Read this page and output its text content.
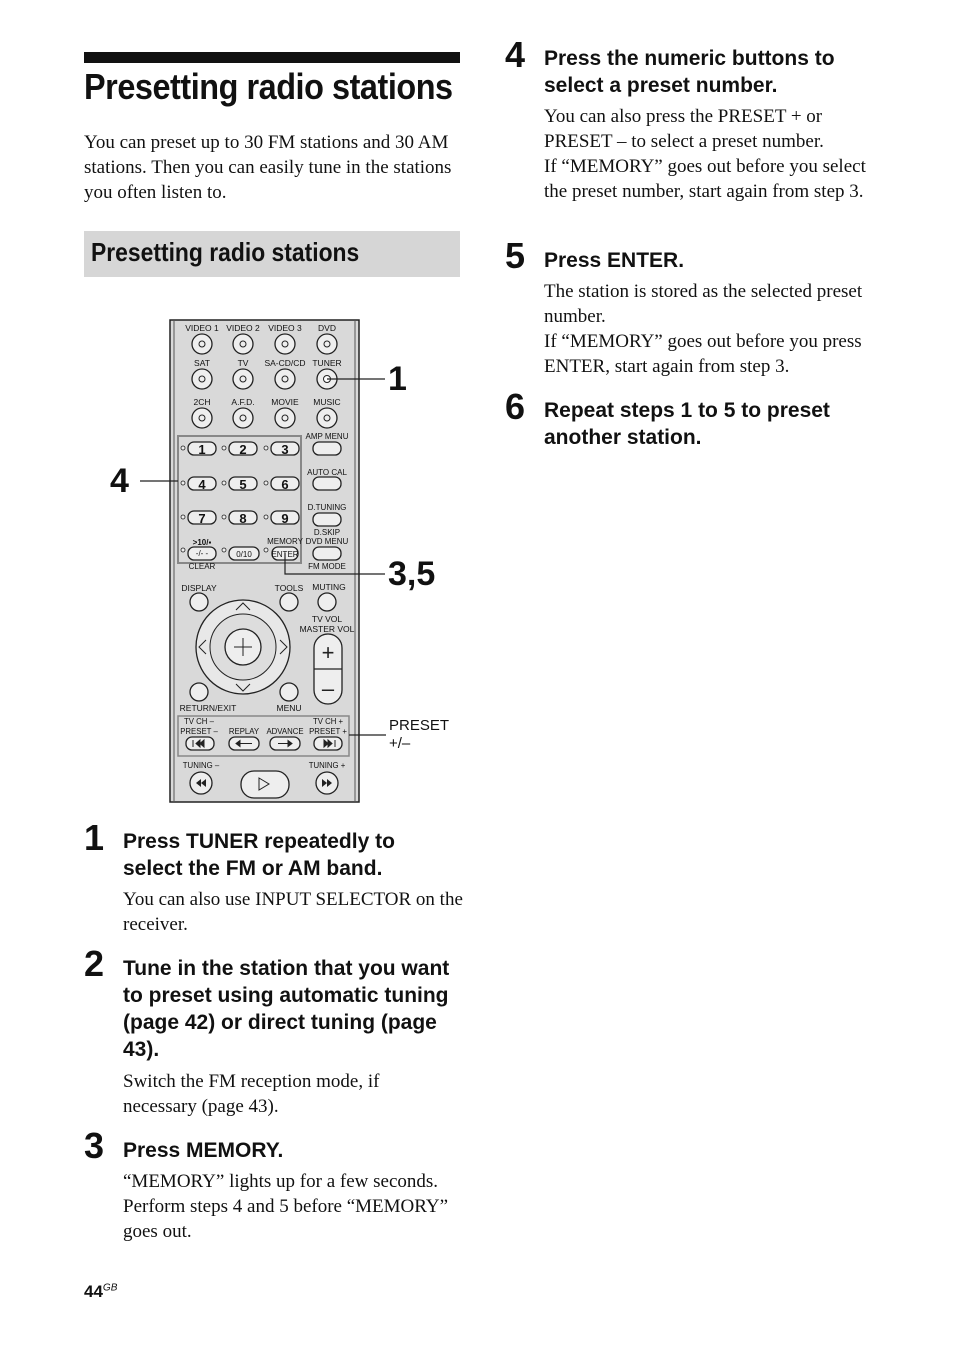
Presetting radio stations
You can preset up to 30 FM stations and 30 AM stations. Then you can easily tune in the stations you often listen to.
Presetting radio stations
VIDEO 1 VIDEO 2 VIDEO 3 DVD
SAT	TV SA-CD/CD TUNER
2CH A.F.D. MOVIE MUSIC
1	2	3
4	5	6
7	8	9
AMP MENU
AUTO CAL
D.TUNING
D.SKIP
DVD MENU
>10/▪
-/- -
CLEAR
0/10
MEMORY
ENTER
FM MODE
DISPLAY	TOOLS MUTING
TV VOL
MASTER VOL
RETURN/EXIT	MENU
+
–
TV CH –
PRESET – REPLAY ADVANCE
TV CH +
PRESET +
TUNING –	TUNING +
1
4
3,5
PRESET
+/–
1 Press TUNER repeatedly to select the FM or AM band.
You can also use INPUT SELECTOR on the receiver.
2 Tune in the station that you want to preset using automatic tuning (page 42) or direct tuning (page 43).
Switch the FM reception mode, if necessary (page 43).
3 Press MEMORY.
“MEMORY” lights up for a few seconds. Perform steps 4 and 5 before “MEMORY” goes out.
4 Press the numeric buttons to select a preset number.
You can also press the PRESET + or PRESET – to select a preset number.
If “MEMORY” goes out before you select the preset number, start again from step 3.
5 Press ENTER.
The station is stored as the selected preset number.
If “MEMORY” goes out before you press ENTER, start again from step 3.
6 Repeat steps 1 to 5 to preset another station.
$44^{GB}$
